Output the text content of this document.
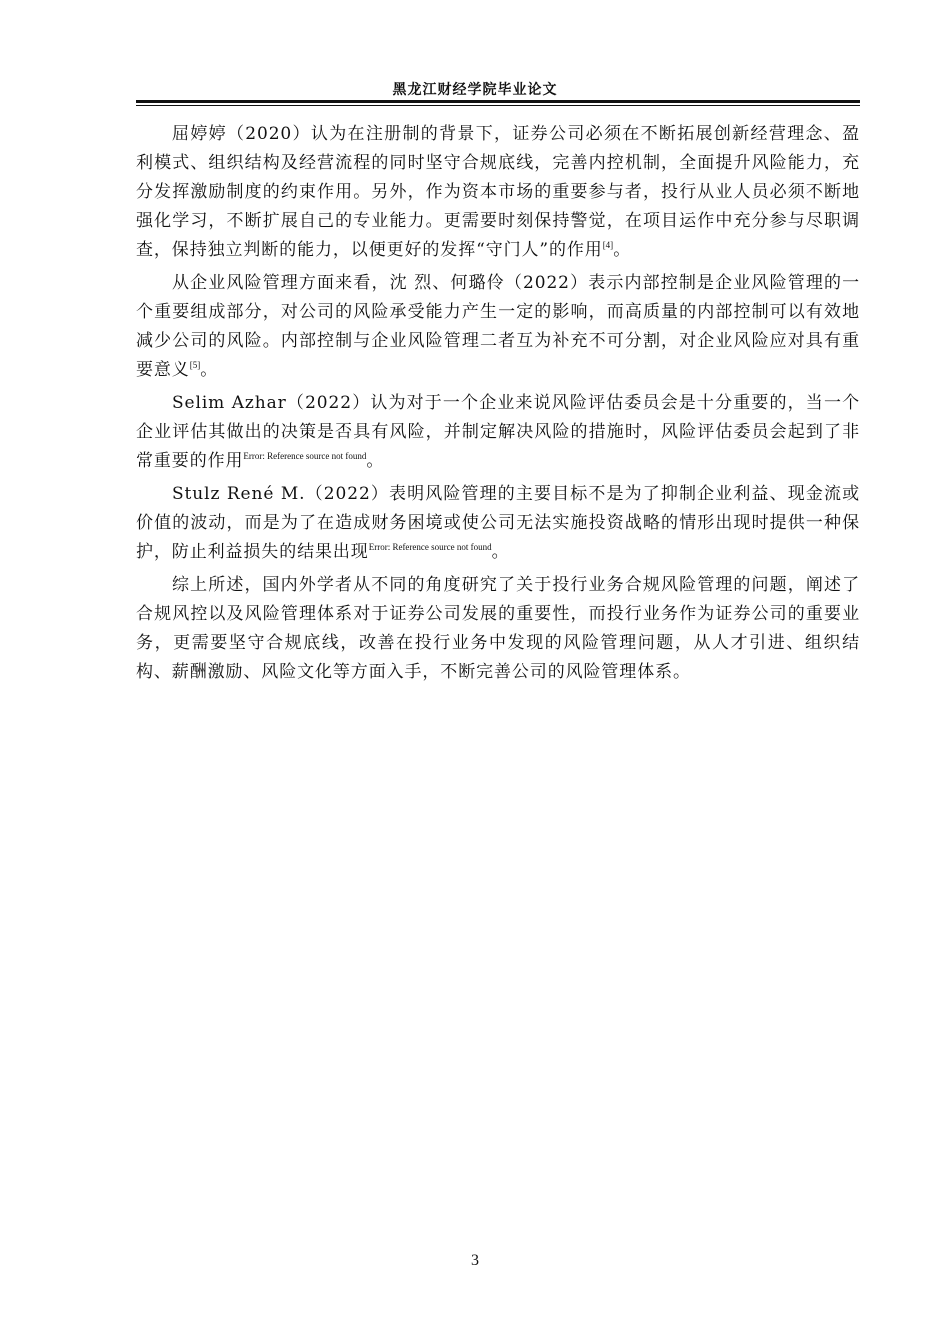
黑龙江财经学院毕业论文

屈婷婷（2020）认为在注册制的背景下，证券公司必须在不断拓展创新经营理念、盈利模式、组织结构及经营流程的同时坚守合规底线，完善内控机制，全面提升风险能力，充分发挥激励制度的约束作用。另外，作为资本市场的重要参与者，投行从业人员必须不断地强化学习，不断扩展自己的专业能力。更需要时刻保持警觉，在项目运作中充分参与尽职调查，保持独立判断的能力，以便更好的发挥“守门人”的作用[4]。

从企业风险管理方面来看，沈 烈、何璐伶（2022）表示内部控制是企业风险管理的一个重要组成部分，对公司的风险承受能力产生一定的影响，而高质量的内部控制可以有效地减少公司的风险。内部控制与企业风险管理二者互为补充不可分割，对企业风险应对具有重要意义[5]。

Selim Azhar（2022）认为对于一个企业来说风险评估委员会是十分重要的，当一个企业评估其做出的决策是否具有风险，并制定解决风险的措施时，风险评估委员会起到了非常重要的作用$^{Error: Reference source not found}$。

Stulz René M.（2022）表明风险管理的主要目标不是为了抑制企业利益、现金流或价值的波动，而是为了在造成财务困境或使公司无法实施投资战略的情形出现时提供一种保护，防止利益损失的结果出现$^{Error: Reference source not found}$。

综上所述，国内外学者从不同的角度研究了关于投行业务合规风险管理的问题，阐述了合规风控以及风险管理体系对于证券公司发展的重要性，而投行业务作为证券公司的重要业务，更需要坚守合规底线，改善在投行业务中发现的风险管理问题，从人才引进、组织结构、薪酬激励、风险文化等方面入手，不断完善公司的风险管理体系。

3
